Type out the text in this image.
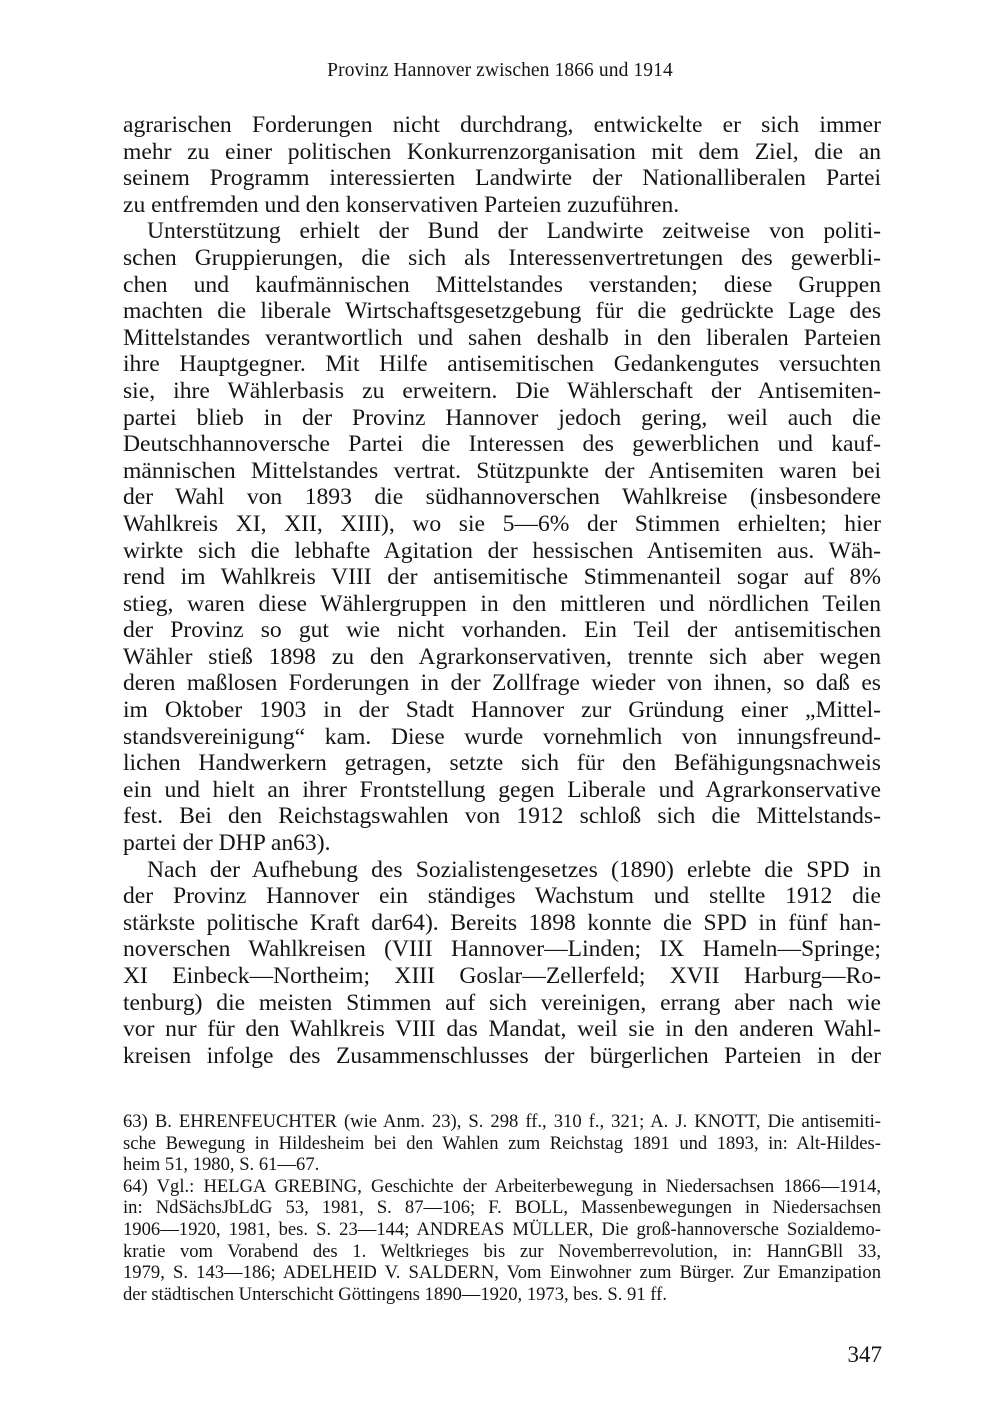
Provinz Hannover zwischen 1866 und 1914
agrarischen Forderungen nicht durchdrang, entwickelte er sich immer
mehr zu einer politischen Konkurrenzorganisation mit dem Ziel, die an
seinem Programm interessierten Landwirte der Nationalliberalen Partei
zu entfremden und den konservativen Parteien zuzuführen.
Unterstützung erhielt der Bund der Landwirte zeitweise von politi-
schen Gruppierungen, die sich als Interessenvertretungen des gewerbli-
chen und kaufmännischen Mittelstandes verstanden; diese Gruppen
machten die liberale Wirtschaftsgesetzgebung für die gedrückte Lage des
Mittelstandes verantwortlich und sahen deshalb in den liberalen Parteien
ihre Hauptgegner. Mit Hilfe antisemitischen Gedankengutes versuchten
sie, ihre Wählerbasis zu erweitern. Die Wählerschaft der Antisemiten-
partei blieb in der Provinz Hannover jedoch gering, weil auch die
Deutschhannoversche Partei die Interessen des gewerblichen und kauf-
männischen Mittelstandes vertrat. Stützpunkte der Antisemiten waren bei
der Wahl von 1893 die südhannoverschen Wahlkreise (insbesondere
Wahlkreis XI, XII, XIII), wo sie 5—6% der Stimmen erhielten; hier
wirkte sich die lebhafte Agitation der hessischen Antisemiten aus. Wäh-
rend im Wahlkreis VIII der antisemitische Stimmenanteil sogar auf 8%
stieg, waren diese Wählergruppen in den mittleren und nördlichen Teilen
der Provinz so gut wie nicht vorhanden. Ein Teil der antisemitischen
Wähler stieß 1898 zu den Agrarkonservativen, trennte sich aber wegen
deren maßlosen Forderungen in der Zollfrage wieder von ihnen, so daß es
im Oktober 1903 in der Stadt Hannover zur Gründung einer „Mittel-
standsvereinigung“ kam. Diese wurde vornehmlich von innungsfreund-
lichen Handwerkern getragen, setzte sich für den Befähigungsnachweis
ein und hielt an ihrer Frontstellung gegen Liberale und Agrarkonservative
fest. Bei den Reichstagswahlen von 1912 schloß sich die Mittelstands-
partei der DHP an63).
Nach der Aufhebung des Sozialistengesetzes (1890) erlebte die SPD in
der Provinz Hannover ein ständiges Wachstum und stellte 1912 die
stärkste politische Kraft dar64). Bereits 1898 konnte die SPD in fünf han-
noverschen Wahlkreisen (VIII Hannover—Linden; IX Hameln—Springe;
XI Einbeck—Northeim; XIII Goslar—Zellerfeld; XVII Harburg—Ro-
tenburg) die meisten Stimmen auf sich vereinigen, errang aber nach wie
vor nur für den Wahlkreis VIII das Mandat, weil sie in den anderen Wahl-
kreisen infolge des Zusammenschlusses der bürgerlichen Parteien in der
63) B. EHRENFEUCHTER (wie Anm. 23), S. 298 ff., 310 f., 321; A. J. KNOTT, Die antisemiti-
sche Bewegung in Hildesheim bei den Wahlen zum Reichstag 1891 und 1893, in: Alt-Hildes-
heim 51, 1980, S. 61—67.
64) Vgl.: HELGA GREBING, Geschichte der Arbeiterbewegung in Niedersachsen 1866—1914,
in: NdSächsJbLdG 53, 1981, S. 87—106; F. BOLL, Massenbewegungen in Niedersachsen
1906—1920, 1981, bes. S. 23—144; ANDREAS MÜLLER, Die groß-hannoversche Sozialdemo-
kratie vom Vorabend des 1. Weltkrieges bis zur Novemberrevolution, in: HannGBll 33,
1979, S. 143—186; ADELHEID V. SALDERN, Vom Einwohner zum Bürger. Zur Emanzipation
der städtischen Unterschicht Göttingens 1890—1920, 1973, bes. S. 91 ff.
347
